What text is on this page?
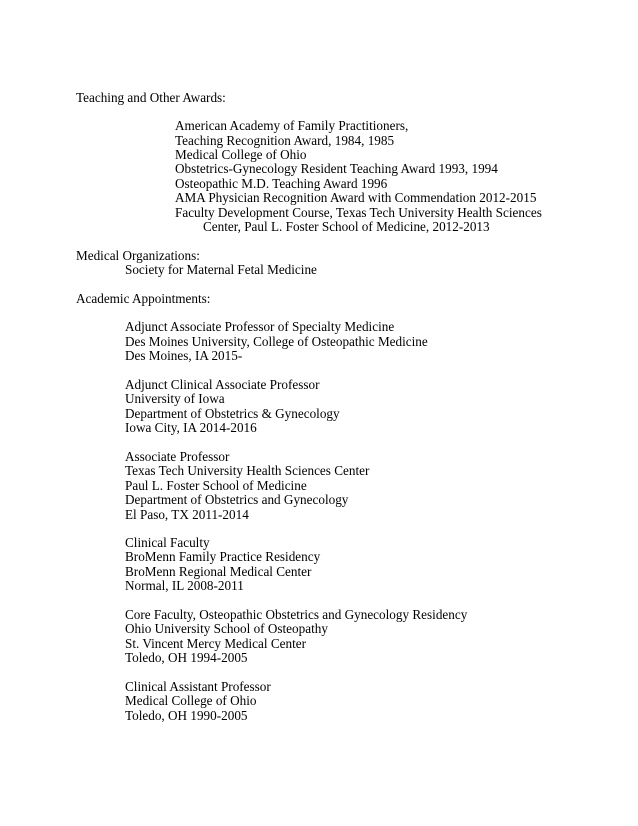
Teaching and Other Awards:
American Academy of Family Practitioners,
Teaching Recognition Award, 1984, 1985
Medical College of Ohio
Obstetrics-Gynecology Resident Teaching Award 1993, 1994
Osteopathic M.D. Teaching Award 1996
AMA Physician Recognition Award with Commendation 2012-2015
Faculty Development Course, Texas Tech University Health Sciences
Center, Paul L. Foster School of Medicine, 2012-2013
Medical Organizations:
Society for Maternal Fetal Medicine
Academic Appointments:
Adjunct Associate Professor of Specialty Medicine
Des Moines University, College of Osteopathic Medicine
Des Moines, IA 2015-
Adjunct Clinical Associate Professor
University of Iowa
Department of Obstetrics & Gynecology
Iowa City, IA 2014-2016
Associate Professor
Texas Tech University Health Sciences Center
Paul L. Foster School of Medicine
Department of Obstetrics and Gynecology
El Paso, TX 2011-2014
Clinical Faculty
BroMenn Family Practice Residency
BroMenn Regional Medical Center
Normal, IL 2008-2011
Core Faculty, Osteopathic Obstetrics and Gynecology Residency
Ohio University School of Osteopathy
St. Vincent Mercy Medical Center
Toledo, OH 1994-2005
Clinical Assistant Professor
Medical College of Ohio
Toledo, OH 1990-2005
